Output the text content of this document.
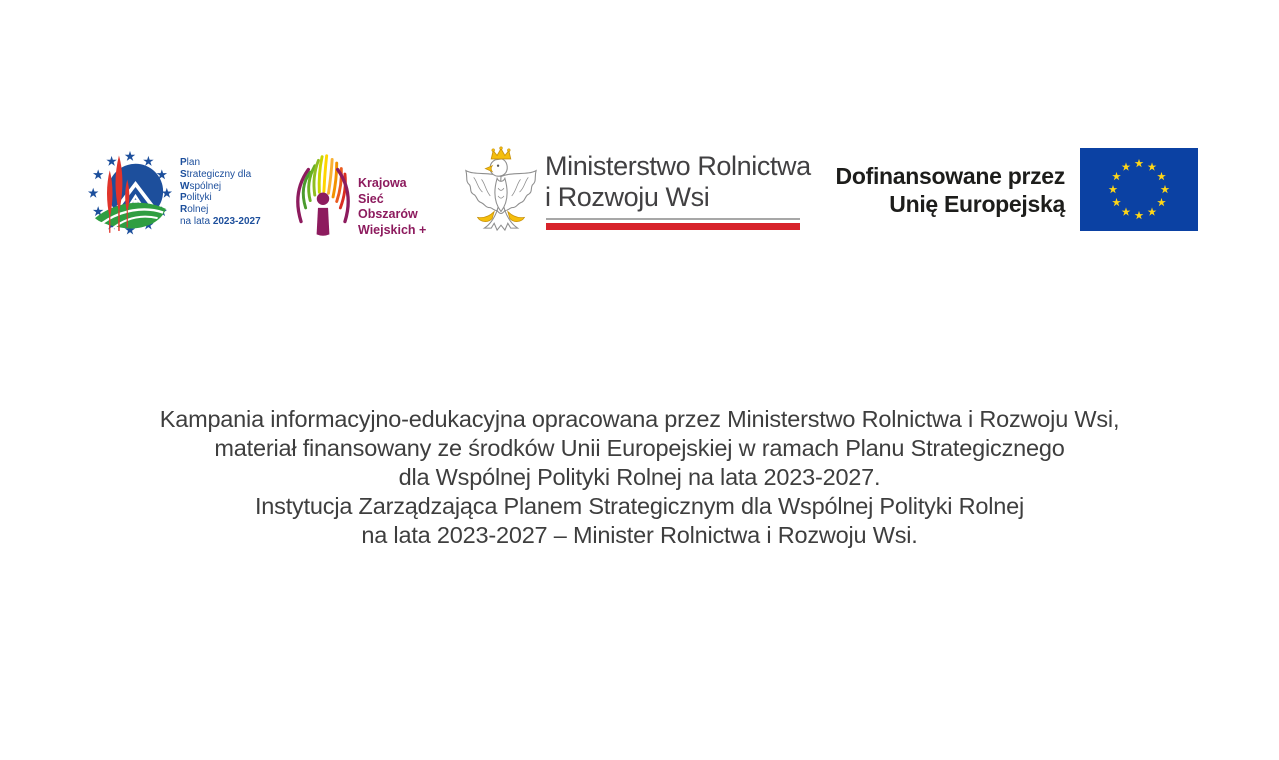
Plan
Strategiczny dla
Wspólnej
Polityki
Rolnej
na lata 2023-2027
Krajowa
Sieć
Obszarów
Wiejskich +
Ministerstwo Rolnictwa
i Rozwoju Wsi
Dofinansowane przez
Unię Europejską
Kampania informacyjno-edukacyjna opracowana przez Ministerstwo Rolnictwa i Rozwoju Wsi,
materiał finansowany ze środków Unii Europejskiej w ramach Planu Strategicznego
dla Wspólnej Polityki Rolnej na lata 2023-2027.
Instytucja Zarządzająca Planem Strategicznym dla Wspólnej Polityki Rolnej
na lata 2023-2027 – Minister Rolnictwa i Rozwoju Wsi.
